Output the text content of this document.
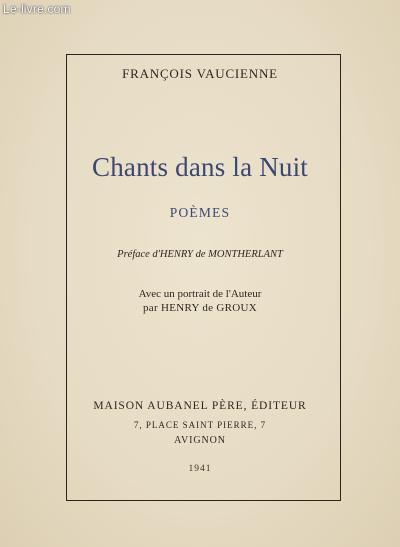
Le-livre.com
FRANÇOIS VAUCIENNE
Chants dans la Nuit
POÈMES
Préface d'HENRY de MONTHERLANT
Avec un portrait de l'Auteur
par HENRY de GROUX
MAISON AUBANEL PÈRE, ÉDITEUR
7, PLACE SAINT PIERRE, 7
AVIGNON
1941
